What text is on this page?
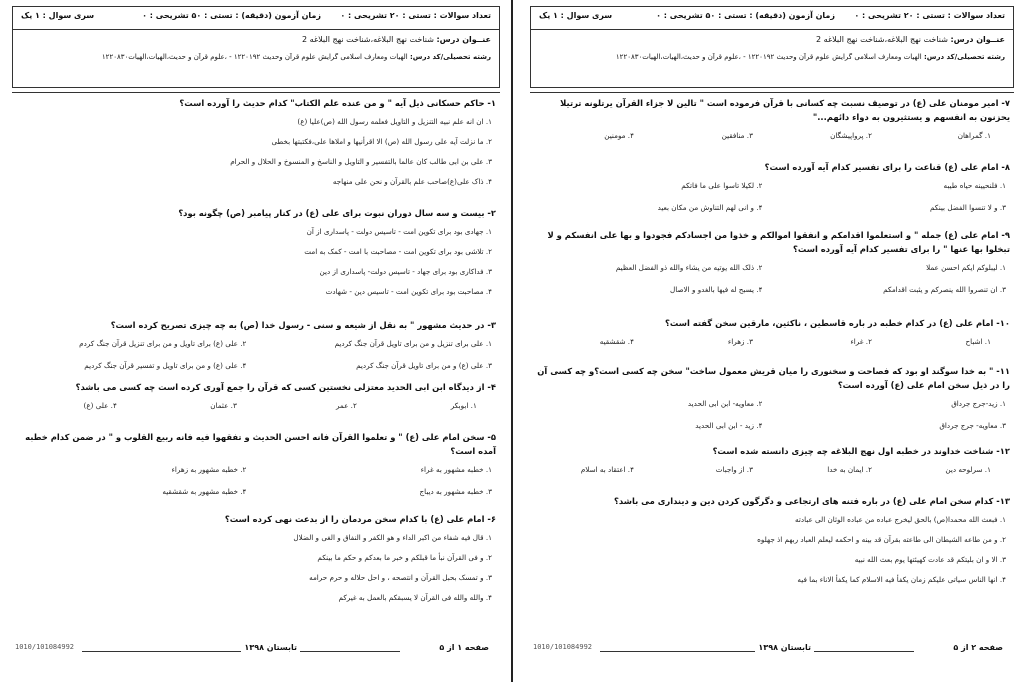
تعداد سوالات : تستی : ۲۰ تشریحی : ۰
زمان آزمون (دقیقه) : تستی : ۵۰ تشریحی : ۰
سری سوال : ۱ یک
عنــوان درس: شناخت نهج البلاغه،شناخت نهج البلاغه 2
رشته تحصیلی/کد درس: الهیات ومعارف اسلامی گرایش علوم قرآن وحدیث ۱۲۲۰۱۹۲ - ،علوم قرآن و حدیث،الهیات،الهیات۱۲۲۰۸۳۰
۱- حاکم حسکانی ذیل آیه " و من عنده علم الکتاب" کدام حدیث را آورده است؟
۱. ان انه علم نبیه التنزیل و التاویل فعلمه رسول الله (ص)علیا (ع)
۲. ما نزلت آیه علی رسول الله (ص) الا اقرأنیها و املاها علی،فکتبتها بخطی
۳. علی بن ابی طالب کان عالما بالتفسیر و التاویل و الناسخ و المنسوخ و الحلال و الحرام
۴. ذاک علی(ع)صاحب علم بالقرآن و نحن علی منهاجه
۲- بیست و سه سال دوران نبوت برای علی (ع) در کنار پیامبر (ص) چگونه بود؟
۱. جهادی بود برای تکوین امت - تاسیس دولت - پاسداری از آن
۲. تلاشی بود برای تکوین امت - مصاحبت با امت - کمک به امت
۳. فداکاری بود برای جهاد - تاسیس دولت- پاسداری از دین
۴. مصاحبت بود برای تکوین امت - تاسیس دین - شهادت
۳- در حدیث مشهور " به نقل از شیعه و سنی - رسول خدا (ص) به چه چیزی تصریح کرده است؟
۱. علی برای تنزیل و من برای تاویل قرآن جنگ کردیم
۲. علی (ع) برای تاویل و من برای تنزیل قرآن جنگ کردم
۳. علی (ع) و من برای تاویل قرآن جنگ کردیم
۴. علی (ع) و من برای تاویل و تفسیر قرآن جنگ کردیم
۴- از دیدگاه ابن ابی الحدید معتزلی نخستین کسی که قرآن را جمع آوری کرده است چه کسی می باشد؟
۱. ابوبکر
۲. عمر
۳. عثمان
۴. علی (ع)
۵- سخن امام علی (ع) " و تعلموا القرآن فانه احسن الحدیث و تفقهوا فیه فانه ربیع القلوب و " در ضمن کدام خطبه آمده است؟
۱. خطبه مشهور به غراء
۲. خطبه مشهور به زهراء
۳. خطبه مشهور به دیباج
۴. خطبه مشهور به شقشقیه
۶- امام علی (ع) با کدام سخن مردمان را از بدعت نهی کرده است؟
۱. قال فیه شفاء من اکبر الداء و هو الکفر و النفاق و الغی و الضلال
۲. و فی القرآن نبأ ما قبلکم و خبر ما بعدکم و حکم ما بینکم
۳. و تمسک بحبل القرآن و انتصحه ، و احل حلاله و حرم حرامه
۴. والله والله فی القرآن لا یسبقکم بالعمل به غیرکم
صفحه ۱ از ۵
تابستان ۱۳۹۸
1010/101084992
تعداد سوالات : تستی : ۲۰ تشریحی : ۰
زمان آزمون (دقیقه) : تستی : ۵۰ تشریحی : ۰
سری سوال : ۱ یک
عنــوان درس: شناخت نهج البلاغه،شناخت نهج البلاغه 2
رشته تحصیلی/کد درس: الهیات ومعارف اسلامی گرایش علوم قرآن وحدیث ۱۲۲۰۱۹۲ - ،علوم قرآن و حدیث،الهیات،الهیات۱۲۲۰۸۳۰
۷- امیر مومنان علی (ع) در توصیف نسبت چه کسانی با قرآن فرموده است " تالین لا جزاء القرآن یرتلونه ترتیلا یحزنون به انفسهم و یستثیرون به دواء دائهم..."
۱. گمراهان
۲. پرواپیشگان
۳. منافقین
۴. مومنین
۸- امام علی (ع) قناعت را برای تفسیر کدام آیه آورده است؟
۱. فلنحیینه حیاه طیبه
۲. لکیلا تاسوا علی ما فاتکم
۳. و لا تنسوا الفضل بینکم
۴. و انی لهم التناوش من مکان بعید
۹- امام علی (ع) جمله " و استعلموا اقدامکم و انفقوا اموالکم و خذوا من اجسادکم فجودوا و بها علی انفسکم و لا تبخلوا بها عنها " را برای تفسیر کدام آیه آورده است؟
۱. لیبلوکم ایکم احسن عملا
۲. ذلک الله یوتیه من یشاء والله ذو الفضل العظیم
۳. ان تنصروا الله ینصرکم و یثبت اقدامکم
۴. یسبح له فیها بالغدو و الاصال
۱۰- امام علی (ع) در کدام خطبه در باره قاسطین ، ناکثین، مارقین سخن گفته است؟
۱. اشباح
۲. غراء
۳. زهراء
۴. شقشقیه
۱۱- " به خدا سوگند او بود که فصاحت و سخنوری را میان قریش معمول ساخت" سخن چه کسی است؟و چه کسی آن را در ذیل سخن امام علی (ع) آورده است؟
۱. زید-جرج جرداق
۲. معاویه- ابن ابی الحدید
۳. معاویه- جرج جرداق
۴. زید - ابن ابی الحدید
۱۲- شناخت خداوند در خطبه اول نهج البلاغه چه چیزی دانسته شده است؟
۱. سرلوحه دین
۲. ایمان به خدا
۳. از واجبات
۴. اعتقاد به اسلام
۱۳- کدام سخن امام علی (ع) در باره فتنه های ارتجاعی و دگرگون کردن دین و دینداری می باشد؟
۱. فبعث الله محمدا(ص) بالحق لیخرج عباده من عباده الوثان الی عبادته
۲. و من طاعه الشیطان الی طاعته بقرآن قد بینه و احکمه لیعلم العباد ربهم اذ جهلوه
۳. الا و ان بلیتکم قد عادت کهیئتها یوم بعث الله نبیه
۴. انها الناس سیاتی علیکم زمان یکفأ فیه الاسلام کما یکفأ الاناء بما فیه
صفحه ۲ از ۵
تابستان ۱۳۹۸
1010/101084992
